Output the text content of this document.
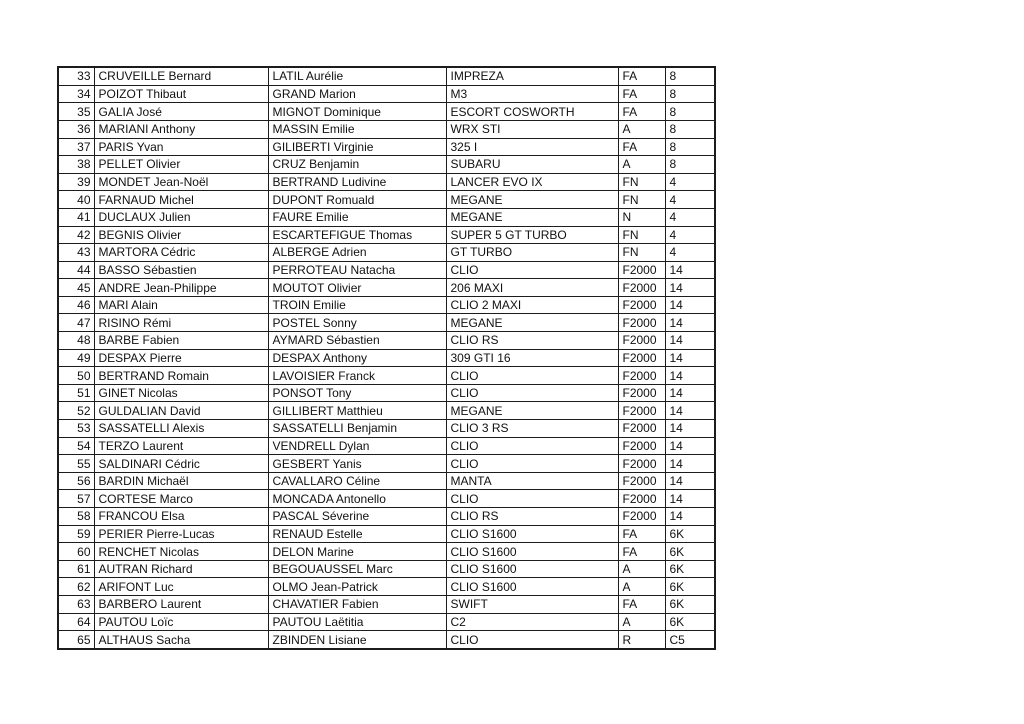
33	CRUVEILLE Bernard	LATIL Aurélie	IMPREZA	FA	8
34	POIZOT Thibaut	GRAND Marion	M3	FA	8
35	GALIA José	MIGNOT Dominique	ESCORT COSWORTH	FA	8
36	MARIANI Anthony	MASSIN Emilie	WRX STI	A	8
37	PARIS Yvan	GILIBERTI Virginie	325 I	FA	8
38	PELLET Olivier	CRUZ Benjamin	SUBARU	A	8
39	MONDET Jean-Noël	BERTRAND Ludivine	LANCER EVO IX	FN	4
40	FARNAUD Michel	DUPONT Romuald	MEGANE	FN	4
41	DUCLAUX Julien	FAURE Emilie	MEGANE	N	4
42	BEGNIS Olivier	ESCARTEFIGUE Thomas	SUPER 5 GT TURBO	FN	4
43	MARTORA Cédric	ALBERGE Adrien	GT TURBO	FN	4
44	BASSO Sébastien	PERROTEAU Natacha	CLIO	F2000	14
45	ANDRE Jean-Philippe	MOUTOT Olivier	206 MAXI	F2000	14
46	MARI Alain	TROIN Emilie	CLIO 2 MAXI	F2000	14
47	RISINO Rémi	POSTEL Sonny	MEGANE	F2000	14
48	BARBE Fabien	AYMARD Sébastien	CLIO RS	F2000	14
49	DESPAX Pierre	DESPAX Anthony	309 GTI 16	F2000	14
50	BERTRAND Romain	LAVOISIER Franck	CLIO	F2000	14
51	GINET Nicolas	PONSOT Tony	CLIO	F2000	14
52	GULDALIAN David	GILLIBERT Matthieu	MEGANE	F2000	14
53	SASSATELLI Alexis	SASSATELLI Benjamin	CLIO 3 RS	F2000	14
54	TERZO Laurent	VENDRELL Dylan	CLIO	F2000	14
55	SALDINARI Cédric	GESBERT Yanis	CLIO	F2000	14
56	BARDIN Michaël	CAVALLARO Céline	MANTA	F2000	14
57	CORTESE Marco	MONCADA Antonello	CLIO	F2000	14
58	FRANCOU Elsa	PASCAL Séverine	CLIO RS	F2000	14
59	PERIER Pierre-Lucas	RENAUD Estelle	CLIO S1600	FA	6K
60	RENCHET Nicolas	DELON Marine	CLIO S1600	FA	6K
61	AUTRAN Richard	BEGOUAUSSEL Marc	CLIO S1600	A	6K
62	ARIFONT Luc	OLMO Jean-Patrick	CLIO S1600	A	6K
63	BARBERO Laurent	CHAVATIER Fabien	SWIFT	FA	6K
64	PAUTOU Loïc	PAUTOU Laëtitia	C2	A	6K
65	ALTHAUS Sacha	ZBINDEN Lisiane	CLIO	R	C5
